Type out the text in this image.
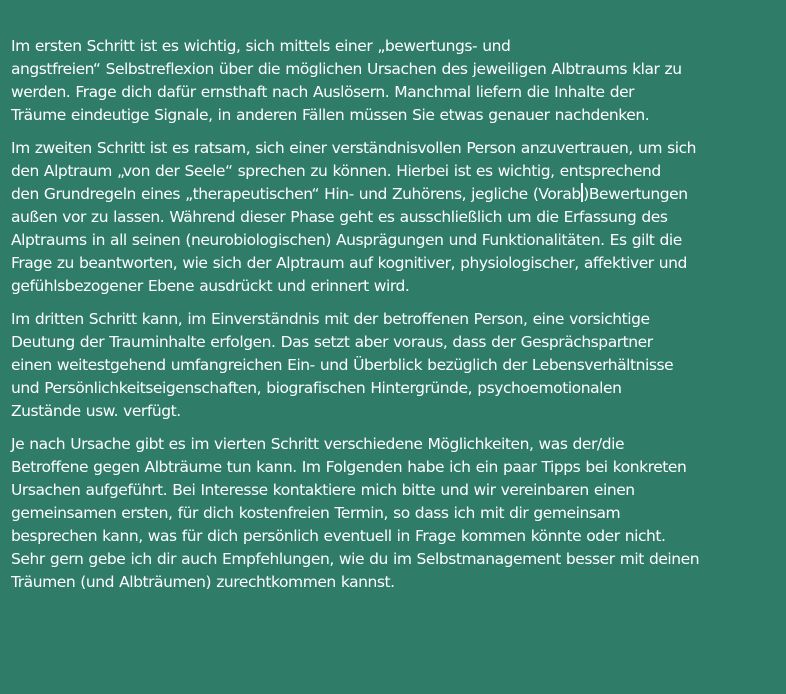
Im ersten Schritt ist es wichtig, sich mittels einer „bewertungs- und
angstfreien“ Selbstreflexion über die möglichen Ursachen des jeweiligen Albtraums klar zu
werden. Frage dich dafür ernsthaft nach Auslösern. Manchmal liefern die Inhalte der
Träume eindeutige Signale, in anderen Fällen müssen Sie etwas genauer nachdenken.

Im zweiten Schritt ist es ratsam, sich einer verständnisvollen Person anzuvertrauen, um sich
den Alptraum „von der Seele“ sprechen zu können. Hierbei ist es wichtig, entsprechend
den Grundregeln eines „therapeutischen“ Hin- und Zuhörens, jegliche (Vorab )Bewertungen
außen vor zu lassen. Während dieser Phase geht es ausschließlich um die Erfassung des
Alptraums in all seinen (neurobiologischen) Ausprägungen und Funktionalitäten. Es gilt die
Frage zu beantworten, wie sich der Alptraum auf kognitiver, physiologischer, affektiver und
gefühlsbezogener Ebene ausdrückt und erinnert wird.

Im dritten Schritt kann, im Einverständnis mit der betroffenen Person, eine vorsichtige
Deutung der Trauminhalte erfolgen. Das setzt aber voraus, dass der Gesprächspartner
einen weitestgehend umfangreichen Ein- und Überblick bezüglich der Lebensverhältnisse
und Persönlichkeitseigenschaften, biografischen Hintergründe, psychoemotionalen
Zustände usw. verfügt.

Je nach Ursache gibt es im vierten Schritt verschiedene Möglichkeiten, was der/die
Betroffene gegen Albträume tun kann. Im Folgenden habe ich ein paar Tipps bei konkreten
Ursachen aufgeführt. Bei Interesse kontaktiere mich bitte und wir vereinbaren einen
gemeinsamen ersten, für dich kostenfreien Termin, so dass ich mit dir gemeinsam
besprechen kann, was für dich persönlich eventuell in Frage kommen könnte oder nicht.
Sehr gern gebe ich dir auch Empfehlungen, wie du im Selbstmanagement besser mit deinen
Träumen (und Albträumen) zurechtkommen kannst.
